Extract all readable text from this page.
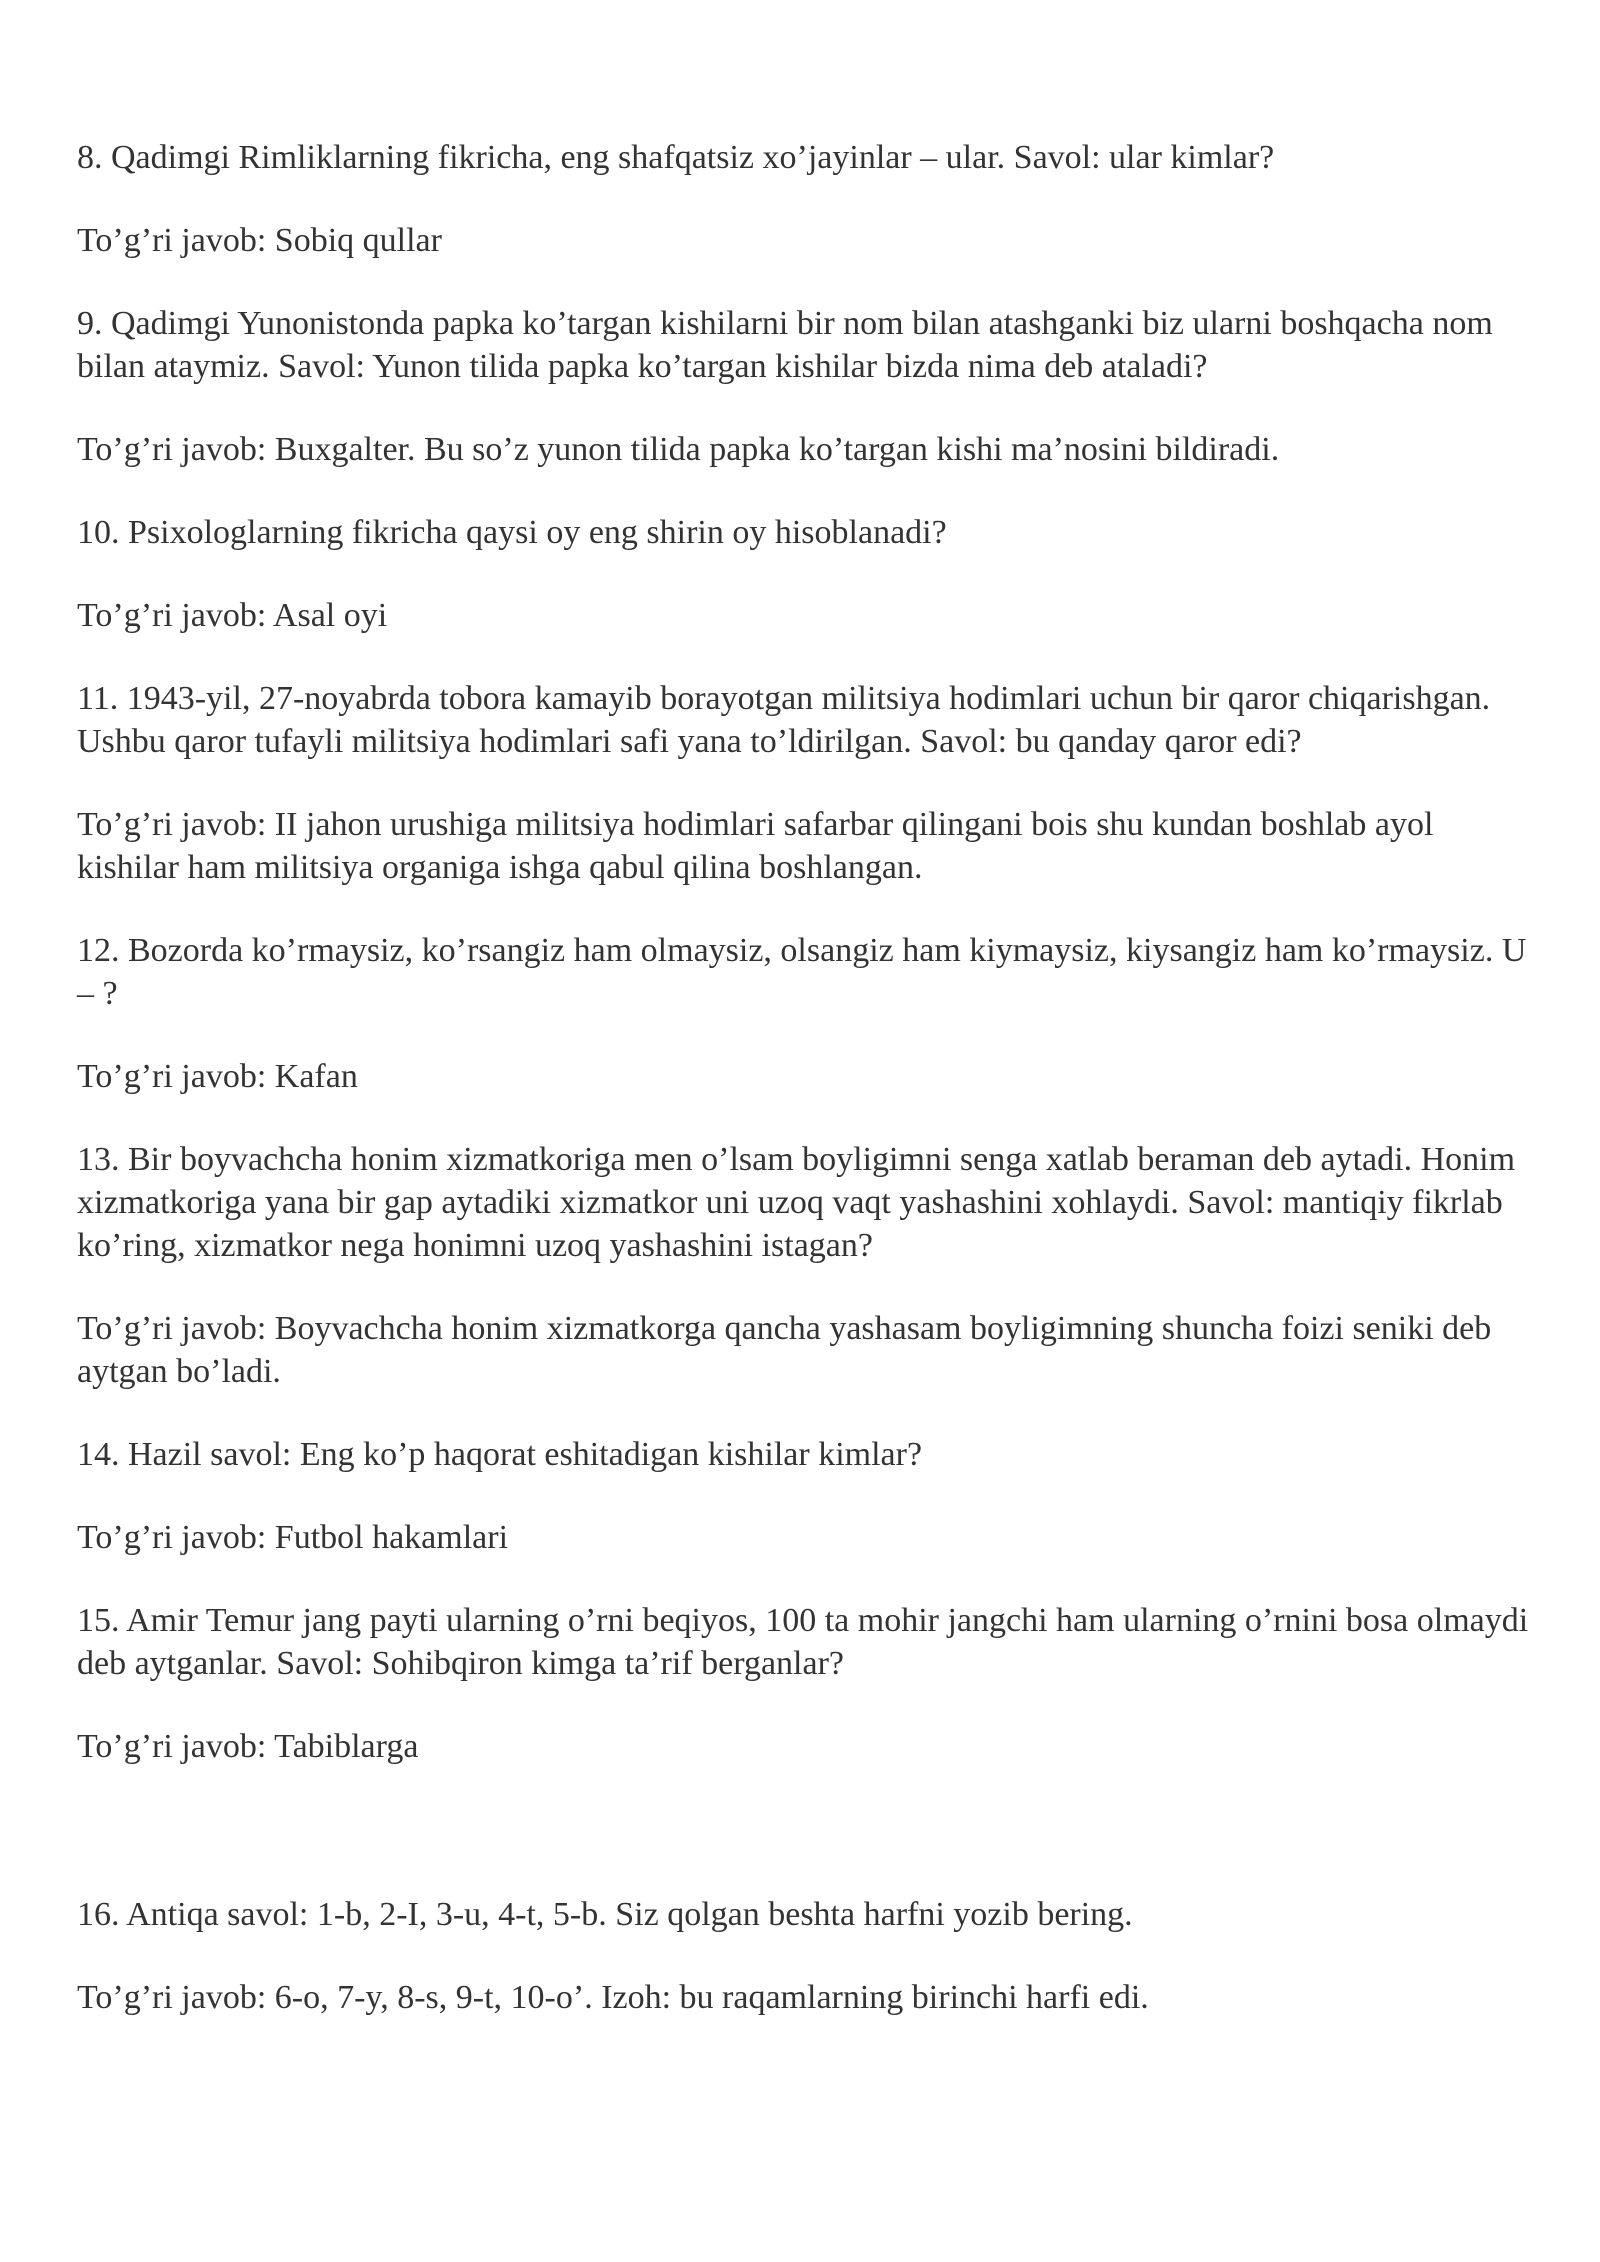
8. Qadimgi Rimliklarning fikricha, eng shafqatsiz xo’jayinlar – ular. Savol: ular kimlar?

To’g’ri javob: Sobiq qullar

9. Qadimgi Yunonistonda papka ko’targan kishilarni bir nom bilan atashganki biz ularni boshqacha nom bilan ataymiz. Savol: Yunon tilida papka ko’targan kishilar bizda nima deb ataladi?

To’g’ri javob: Buxgalter. Bu so’z yunon tilida papka ko’targan kishi ma’nosini bildiradi.

10. Psixologlarning fikricha qaysi oy eng shirin oy hisoblanadi?

To’g’ri javob: Asal oyi

11. 1943-yil, 27-noyabrda tobora kamayib borayotgan militsiya hodimlari uchun bir qaror chiqarishgan. Ushbu qaror tufayli militsiya hodimlari safi yana to’ldirilgan. Savol: bu qanday qaror edi?

To’g’ri javob: II jahon urushiga militsiya hodimlari safarbar qilingani bois shu kundan boshlab ayol kishilar ham militsiya organiga ishga qabul qilina boshlangan.

12. Bozorda ko’rmaysiz, ko’rsangiz ham olmaysiz, olsangiz ham kiymaysiz, kiysangiz ham ko’rmaysiz. U – ?

To’g’ri javob: Kafan

13. Bir boyvachcha honim xizmatkoriga men o’lsam boyligimni senga xatlab beraman deb aytadi. Honim xizmatkoriga yana bir gap aytadiki xizmatkor uni uzoq vaqt yashashini xohlaydi. Savol: mantiqiy fikrlab ko’ring, xizmatkor nega honimni uzoq yashashini istagan?

To’g’ri javob: Boyvachcha honim xizmatkorga qancha yashasam boyligimning shuncha foizi seniki deb aytgan bo’ladi.

14. Hazil savol: Eng ko’p haqorat eshitadigan kishilar kimlar?

To’g’ri javob: Futbol hakamlari

15. Amir Temur jang payti ularning o’rni beqiyos, 100 ta mohir jangchi ham ularning o’rnini bosa olmaydi deb aytganlar. Savol: Sohibqiron kimga ta’rif berganlar?

To’g’ri javob: Tabiblarga

16. Antiqa savol: 1-b, 2-I, 3-u, 4-t, 5-b. Siz qolgan beshta harfni yozib bering.

To’g’ri javob: 6-o, 7-y, 8-s, 9-t, 10-o’. Izoh: bu raqamlarning birinchi harfi edi.
